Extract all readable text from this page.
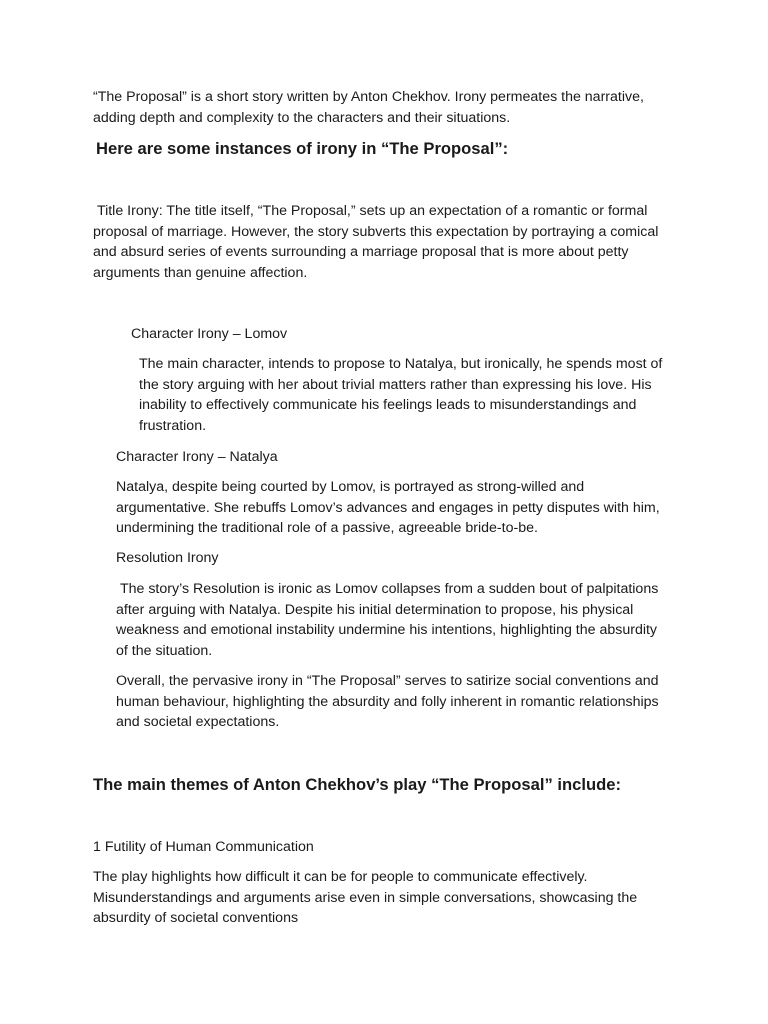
“The Proposal” is a short story written by Anton Chekhov. Irony permeates the narrative, adding depth and complexity to the characters and their situations.

Here are some instances of irony in “The Proposal”:

Title Irony: The title itself, “The Proposal,” sets up an expectation of a romantic or formal proposal of marriage. However, the story subverts this expectation by portraying a comical and absurd series of events surrounding a marriage proposal that is more about petty arguments than genuine affection.

Character Irony – Lomov

The main character, intends to propose to Natalya, but ironically, he spends most of the story arguing with her about trivial matters rather than expressing his love. His inability to effectively communicate his feelings leads to misunderstandings and frustration.

Character Irony – Natalya

Natalya, despite being courted by Lomov, is portrayed as strong-willed and argumentative. She rebuffs Lomov’s advances and engages in petty disputes with him, undermining the traditional role of a passive, agreeable bride-to-be.

Resolution Irony

The story’s Resolution is ironic as Lomov collapses from a sudden bout of palpitations after arguing with Natalya. Despite his initial determination to propose, his physical weakness and emotional instability undermine his intentions, highlighting the absurdity of the situation.

Overall, the pervasive irony in “The Proposal” serves to satirize social conventions and human behaviour, highlighting the absurdity and folly inherent in romantic relationships and societal expectations.

The main themes of Anton Chekhov’s play “The Proposal” include:

1 Futility of Human Communication

The play highlights how difficult it can be for people to communicate effectively. Misunderstandings and arguments arise even in simple conversations, showcasing the absurdity of societal conventions
